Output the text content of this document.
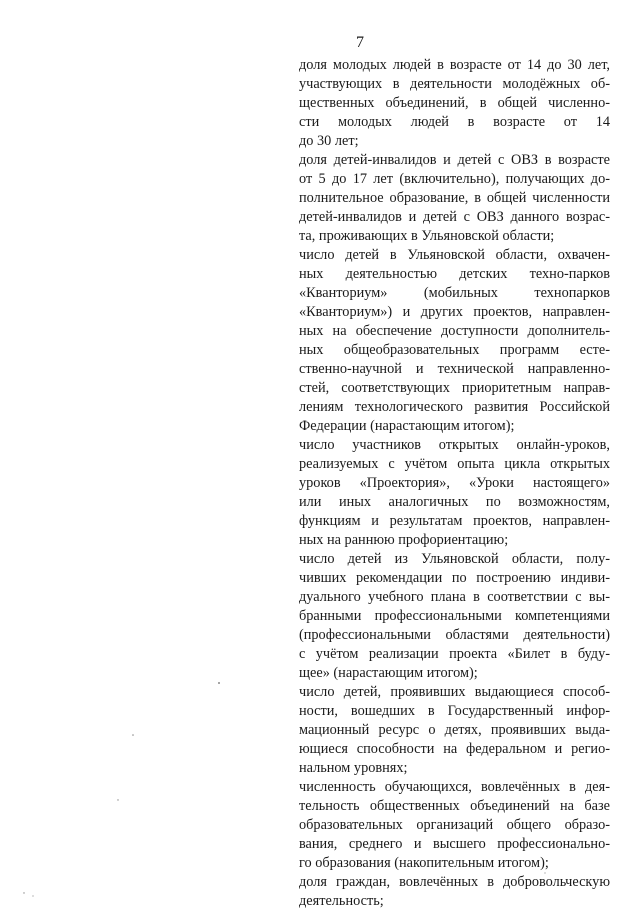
7
доля молодых людей в возрасте от 14 до 30 лет,
участвующих в деятельности молодёжных об-
щественных объединений, в общей численно-
сти молодых людей в возрасте от 14
до 30 лет;
доля детей-инвалидов и детей с ОВЗ в возрасте
от 5 до 17 лет (включительно), получающих до-
полнительное образование, в общей численности
детей-инвалидов и детей с ОВЗ данного возрас-
та, проживающих в Ульяновской области;
число детей в Ульяновской области, охвачен-
ных деятельностью детских техно-парков
«Кванториум» (мобильных технопарков
«Кванториум») и других проектов, направлен-
ных на обеспечение доступности дополнитель-
ных общеобразовательных программ есте-
ственно-научной и технической направленно-
стей, соответствующих приоритетным направ-
лениям технологического развития Российской
Федерации (нарастающим итогом);
число участников открытых онлайн-уроков,
реализуемых с учётом опыта цикла открытых
уроков «Проектория», «Уроки настоящего»
или иных аналогичных по возможностям,
функциям и результатам проектов, направлен-
ных на раннюю профориентацию;
число детей из Ульяновской области, полу-
чивших рекомендации по построению индиви-
дуального учебного плана в соответствии с вы-
бранными профессиональными компетенциями
(профессиональными областями деятельности)
с учётом реализации проекта «Билет в буду-
щее» (нарастающим итогом);
число детей, проявивших выдающиеся способ-
ности, вошедших в Государственный инфор-
мационный ресурс о детях, проявивших выда-
ющиеся способности на федеральном и регио-
нальном уровнях;
численность обучающихся, вовлечённых в дея-
тельность общественных объединений на базе
образовательных организаций общего образо-
вания, среднего и высшего профессионально-
го образования (накопительным итогом);
доля граждан, вовлечённых в добровольческую
деятельность;
